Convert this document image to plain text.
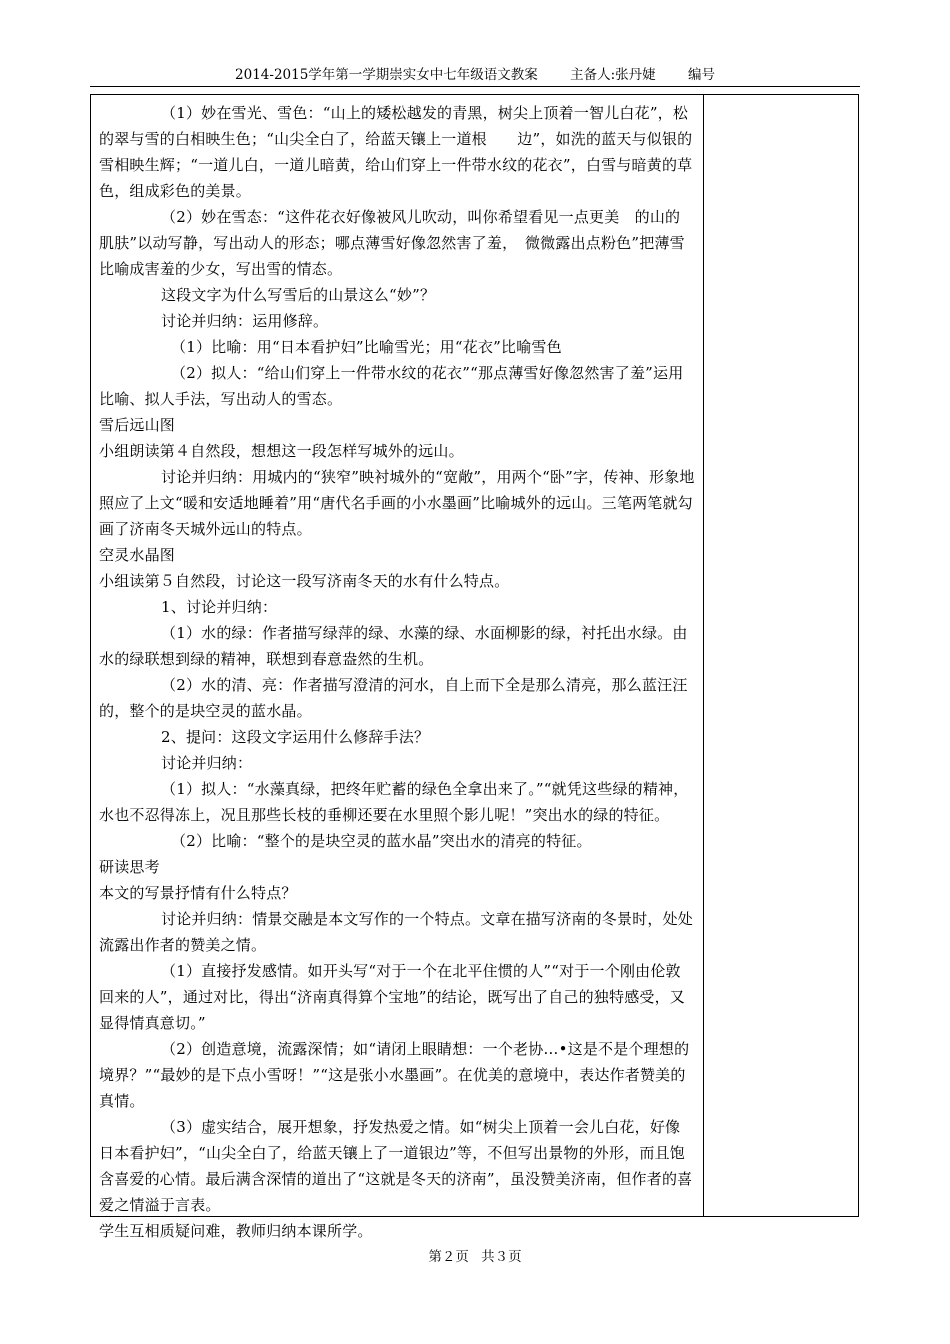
2014-2015学年第一学期崇实女中七年级语文教案 主备人:张丹婕 编号

（1）妙在雪光、雪色：“山上的矮松越发的青黑，树尖上顶着一智儿白花”，松的翠与雪的白相映生色；“山尖全白了，给蓝天镶上一道根　　边”，如洗的蓝天与似银的雪相映生辉；“一道儿白，一道儿暗黄，给山们穿上一件带水纹的花衣”，白雪与暗黄的草色，组成彩色的美景。

（2）妙在雪态：“这件花衣好像被风儿吹动，叫你希望看见一点更美　的山的肌肤”以动写静，写出动人的形态；哪点薄雪好像忽然害了羞，　微微露出点粉色”把薄雪比喻成害羞的少女，写出雪的情态。

这段文字为什么写雪后的山景这么“妙”？

讨论并归纳：运用修辞。

（1）比喻：用“日本看护妇”比喻雪光；用“花衣”比喻雪色

（2）拟人：“给山们穿上一件带水纹的花衣”“那点薄雪好像忽然害了羞”运用比喻、拟人手法，写出动人的雪态。

雪后远山图

小组朗读第４自然段，想想这一段怎样写城外的远山。

讨论并归纳：用城内的“狭窄”映衬城外的“宽敞”，用两个“卧”字，传神、形象地照应了上文“暖和安适地睡着”用“唐代名手画的小水墨画”比喻城外的远山。三笔两笔就勾画了济南冬天城外远山的特点。

空灵水晶图

小组读第５自然段，讨论这一段写济南冬天的水有什么特点。

1、讨论并归纳：

（1）水的绿：作者描写绿萍的绿、水藻的绿、水面柳影的绿，衬托出水绿。由水的绿联想到绿的精神，联想到春意盎然的生机。

（2）水的清、亮：作者描写澄清的河水，自上而下全是那么清亮，那么蓝汪汪的，整个的是块空灵的蓝水晶。

2、提问：这段文字运用什么修辞手法？

讨论并归纳：

（1）拟人：“水藻真绿，把终年贮蓄的绿色全拿出来了。”“就凭这些绿的精神，水也不忍得冻上，况且那些长枝的垂柳还要在水里照个影儿呢！”突出水的绿的特征。

（2）比喻：“整个的是块空灵的蓝水晶”突出水的清亮的特征。

研读思考

本文的写景抒情有什么特点？

讨论并归纳：情景交融是本文写作的一个特点。文章在描写济南的冬景时，处处流露出作者的赞美之情。

（1）直接抒发感情。如开头写“对于一个在北平住惯的人”“对于一个刚由伦敦回来的人”，通过对比，得出“济南真得算个宝地”的结论，既写出了自己的独特感受，又显得情真意切。”

（2）创造意境，流露深情；如“请闭上眼睛想：一个老协…•这是不是个理想的境界？”“最妙的是下点小雪呀！”“这是张小水墨画”。在优美的意境中，表达作者赞美的真情。

（3）虚实结合，展开想象，抒发热爱之情。如“树尖上顶着一会儿白花，好像日本看护妇”，“山尖全白了，给蓝天镶上了一道银边”等，不但写出景物的外形，而且饱含喜爱的心情。最后满含深情的道出了“这就是冬天的济南”，虽没赞美济南，但作者的喜爱之情溢于言表。

学生互相质疑问难，教师归纳本课所学。

第２页 共３页
